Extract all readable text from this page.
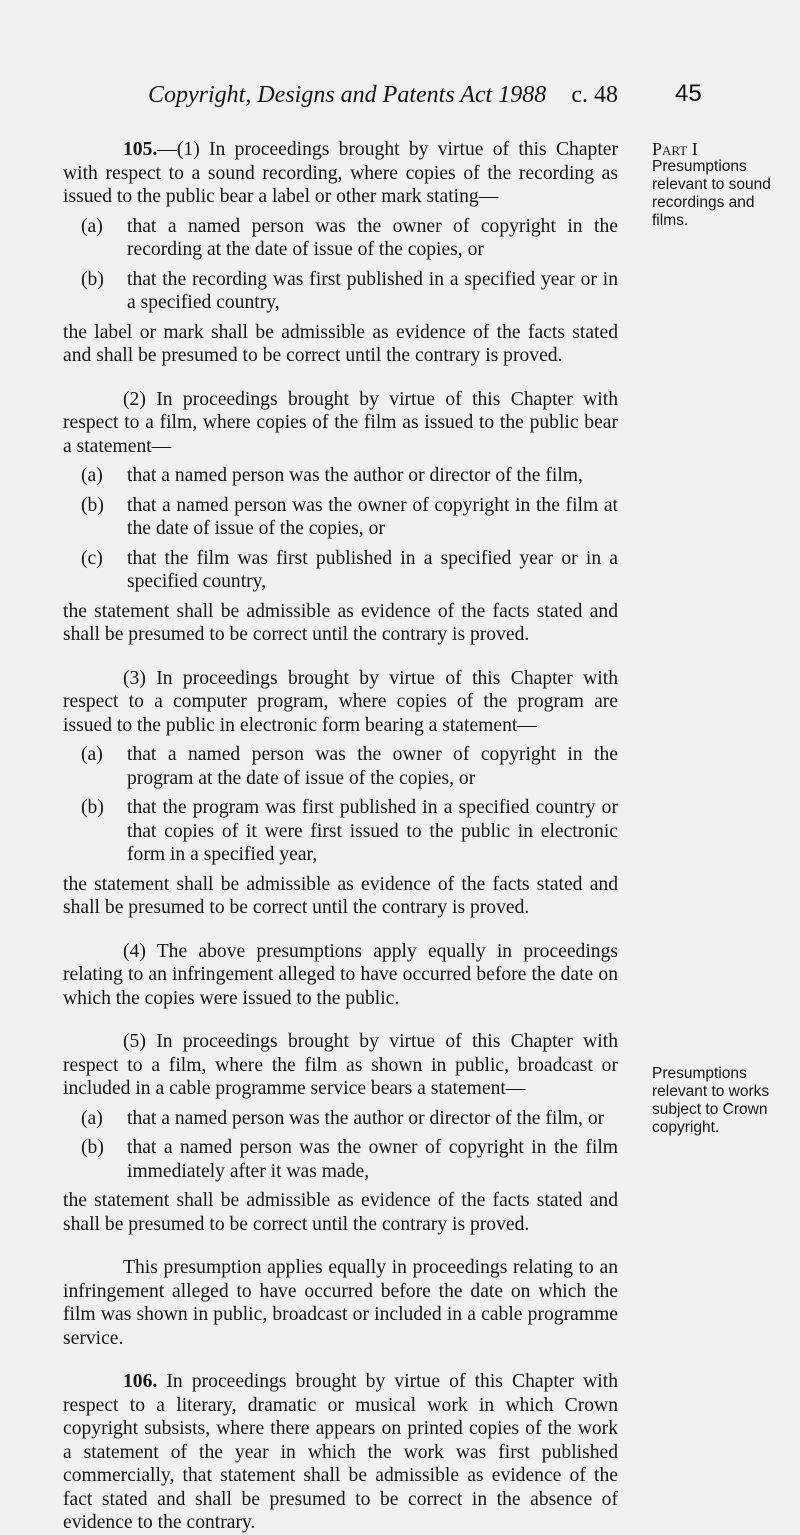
Copyright, Designs and Patents Act 1988 c. 48 45
Part I
Presumptions relevant to sound recordings and films.
Presumptions relevant to works subject to Crown copyright.

105.—(1) In proceedings brought by virtue of this Chapter with respect to a sound recording, where copies of the recording as issued to the public bear a label or other mark stating—

(a) that a named person was the owner of copyright in the recording at the date of issue of the copies, or

(b) that the recording was first published in a specified year or in a specified country,

the label or mark shall be admissible as evidence of the facts stated and shall be presumed to be correct until the contrary is proved.

(2) In proceedings brought by virtue of this Chapter with respect to a film, where copies of the film as issued to the public bear a statement—

(a) that a named person was the author or director of the film,

(b) that a named person was the owner of copyright in the film at the date of issue of the copies, or

(c) that the film was first published in a specified year or in a specified country,

the statement shall be admissible as evidence of the facts stated and shall be presumed to be correct until the contrary is proved.

(3) In proceedings brought by virtue of this Chapter with respect to a computer program, where copies of the program are issued to the public in electronic form bearing a statement—

(a) that a named person was the owner of copyright in the program at the date of issue of the copies, or

(b) that the program was first published in a specified country or that copies of it were first issued to the public in electronic form in a specified year,

the statement shall be admissible as evidence of the facts stated and shall be presumed to be correct until the contrary is proved.

(4) The above presumptions apply equally in proceedings relating to an infringement alleged to have occurred before the date on which the copies were issued to the public.

(5) In proceedings brought by virtue of this Chapter with respect to a film, where the film as shown in public, broadcast or included in a cable programme service bears a statement—

(a) that a named person was the author or director of the film, or

(b) that a named person was the owner of copyright in the film immediately after it was made,

the statement shall be admissible as evidence of the facts stated and shall be presumed to be correct until the contrary is proved.

This presumption applies equally in proceedings relating to an infringement alleged to have occurred before the date on which the film was shown in public, broadcast or included in a cable programme service.

106. In proceedings brought by virtue of this Chapter with respect to a literary, dramatic or musical work in which Crown copyright subsists, where there appears on printed copies of the work a statement of the year in which the work was first published commercially, that statement shall be admissible as evidence of the fact stated and shall be presumed to be correct in the absence of evidence to the contrary.
